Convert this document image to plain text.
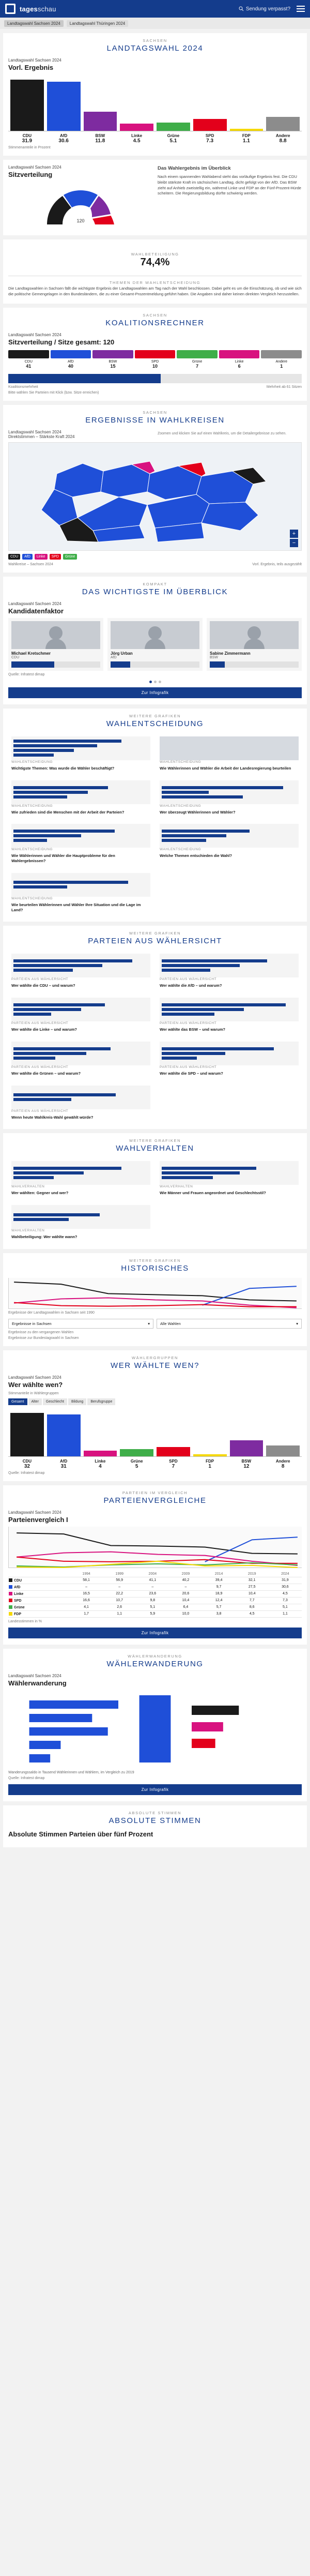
tagesschau	Sendung verpasst?
Landtagswahl Sachsen 2024	Landtagswahl Thüringen 2024
SACHSEN
LANDTAGSWAHL 2024
Landtagswahl Sachsen 2024
Vorl. Ergebnis
CDU
31.9
AfD
30.6
BSW
11.8
Linke
4.5
Grüne
5.1
SPD
7.3
FDP
1.1
Andere
8.8
Stimmenanteile in Prozent
Landtagswahl Sachsen 2024
Sitzverteilung
120
Das Wahlergebnis im Überblick
Nach einem spannenden Wahlabend steht das vorläufige Ergebnis fest. Die CDU bleibt stärkste Kraft im sächsischen Landtag, dicht gefolgt von der AfD. Das BSW zieht auf Anhieb zweistellig ein, während Linke und FDP an der Fünf-Prozent-Hürde scheitern. Die Regierungsbildung dürfte schwierig werden.
WAHLBETEILIGUNG
74,4%
THEMEN DER WAHLENTSCHEIDUNG
Die Landtagswahlen in Sachsen fällt die wichtigste Ergebnis der Landtagswahlen am Tag nach der Wahl beschlossen. Dabei geht es um die Einschätzung, ob und wie sich die politische Gemengelagen in den Bundesländern, die zu einer Gesamt-Prozentmeldung geführt haben. Die Angaben sind daher keinen direkten Vergleich herzustellen.
SACHSEN
KOALITIONSRECHNER
Landtagswahl Sachsen 2024
Sitzverteilung / Sitze gesamt: 120
CDU
41
AfD
40
BSW
15
SPD
10
Grüne
7
Linke
6
Andere
1
Koalitionsmehrheit	Mehrheit ab 61 Sitzen
Bitte wählen Sie Parteien mit Klick (bzw. Sitze erreichen)
SACHSEN
ERGEBNISSE IN WAHLKREISEN
Landtagswahl Sachsen 2024
Direktstimmen – Stärkste Kraft 2024
Zoomen und klicken Sie auf einen Wahlkreis, um die Detailergebnisse zu sehen.
+
−
CDU	AfD	Linke	SPD	Grüne
Wahlkreise – Sachsen 2024	Vorl. Ergebnis, teils ausgezählt
KOMPAKT
DAS WICHTIGSTE IM ÜBERBLICK
Landtagswahl Sachsen 2024
Kandidatenfaktor
Michael Kretschmer
CDU
Jörg Urban
AfD
Sabine Zimmermann
BSW
Quelle: Infratest dimap
Zur Infografik
WEITERE GRAFIKEN
WAHLENTSCHEIDUNG
WAHLENTSCHEIDUNG
Wichtigste Themen: Was wurde die Wähler beschäftigt?
WAHLENTSCHEIDUNG
Wie Wählerinnen und Wähler die Arbeit der Landesregierung beurteilen
WAHLENTSCHEIDUNG
Wie zufrieden sind die Menschen mit der Arbeit der Parteien?
WAHLENTSCHEIDUNG
Wer überzeugt Wählerinnen und Wähler?
WAHLENTSCHEIDUNG
Wie Wählerinnen und Wähler die Hauptprobleme für den Wahlergebnissen?
WAHLENTSCHEIDUNG
Welche Themen entschieden die Wahl?
WAHLENTSCHEIDUNG
Wie beurteilen Wählerinnen und Wähler Ihre Situation und die Lage im Land?
WEITERE GRAFIKEN
PARTEIEN AUS WÄHLERSICHT
PARTEIEN AUS WÄHLERSICHT
Wer wählte die CDU – und warum?
PARTEIEN AUS WÄHLERSICHT
Wer wählte die AfD – und warum?
PARTEIEN AUS WÄHLERSICHT
Wer wählte die Linke – und warum?
PARTEIEN AUS WÄHLERSICHT
Wer wählte das BSW – und warum?
PARTEIEN AUS WÄHLERSICHT
Wer wählte die Grünen – und warum?
PARTEIEN AUS WÄHLERSICHT
Wer wählte die SPD – und warum?
PARTEIEN AUS WÄHLERSICHT
Wenn heute Wahlkreis-Wahl gewählt würde?
WEITERE GRAFIKEN
WAHLVERHALTEN
WAHLVERHALTEN
Wer wählten: Gegner und wer?
WAHLVERHALTEN
Wie Männer und Frauen angeordnet und Geschlechtsstil?
WAHLVERHALTEN
Wahlbeteiligung: Wer wählte wann?
WEITERE GRAFIKEN
HISTORISCHES
Ergebnisse der Landtagswahlen in Sachsen seit 1990
Ergebnisse in Sachsen	▾	Alle Wahlen	▾
Ergebnisse zu den vergangenen Wahlen
Ergebnisse zur Bundestagswahl in Sachsen
WÄHLERGRUPPEN
WER WÄHLTE WEN?
Landtagswahl Sachsen 2024
Wer wählte wen?
Stimmanteile in Wählergruppen
Gesamt	Alter	Geschlecht	Bildung	Berufsgruppe
CDU
32
AfD
31
Linke
4
Grüne
5
SPD
7
FDP
1
BSW
12
Andere
8
Quelle: Infratest dimap
PARTEIEN IM VERGLEICH
PARTEIENVERGLEICHE
Landtagswahl Sachsen 2024
Parteienvergleich I
	1994	1999	2004	2009	2014	2019	2024
CDU	58,1	56,9	41,1	40,2	39,4	32,1	31,9
AfD	–	–	–	–	9,7	27,5	30,6
Linke	16,5	22,2	23,6	20,6	18,9	10,4	4,5
SPD	16,6	10,7	9,8	10,4	12,4	7,7	7,3
Grüne	4,1	2,6	5,1	6,4	5,7	8,6	5,1
FDP	1,7	1,1	5,9	10,0	3,8	4,5	1,1
Landesstimmen in %
Zur Infografik
WÄHLERWANDERUNG
WÄHLERWANDERUNG
Landtagswahl Sachsen 2024
Wählerwanderung
Wanderungssaldo in Tausend Wählerinnen und Wählern, im Vergleich zu 2019
Quelle: Infratest dimap
Zur Infografik
ABSOLUTE STIMMEN
ABSOLUTE STIMMEN
Absolute Stimmen Parteien über fünf Prozent
